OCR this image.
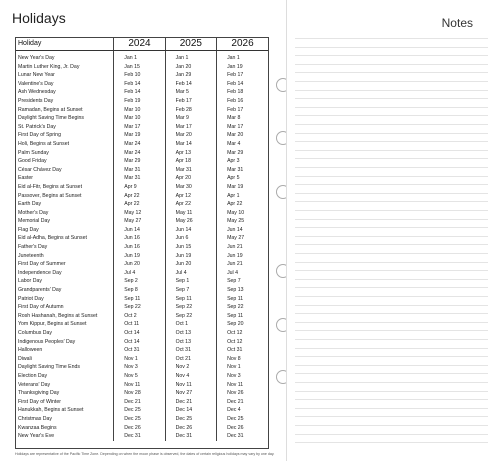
Holidays
Holiday	2024	2025	2026

New Year's Day	Jan 1	Jan 1	Jan 1
Martin Luther King, Jr. Day	Jan 15	Jan 20	Jan 19
Lunar New Year	Feb 10	Jan 29	Feb 17
Valentine's Day	Feb 14	Feb 14	Feb 14
Ash Wednesday	Feb 14	Mar 5	Feb 18
Presidents Day	Feb 19	Feb 17	Feb 16
Ramadan, Begins at Sunset	Mar 10	Feb 28	Feb 17
Daylight Saving Time Begins	Mar 10	Mar 9	Mar 8
St. Patrick's Day	Mar 17	Mar 17	Mar 17
First Day of Spring	Mar 19	Mar 20	Mar 20
Holi, Begins at Sunset	Mar 24	Mar 14	Mar 4
Palm Sunday	Mar 24	Apr 13	Mar 29
Good Friday	Mar 29	Apr 18	Apr 3
César Chávez Day	Mar 31	Mar 31	Mar 31
Easter	Mar 31	Apr 20	Apr 5
Eid al-Fitr, Begins at Sunset	Apr 9	Mar 30	Mar 19
Passover, Begins at Sunset	Apr 22	Apr 12	Apr 1
Earth Day	Apr 22	Apr 22	Apr 22
Mother's Day	May 12	May 11	May 10
Memorial Day	May 27	May 26	May 25
Flag Day	Jun 14	Jun 14	Jun 14
Eid al-Adha, Begins at Sunset	Jun 16	Jun 6	May 27
Father's Day	Jun 16	Jun 15	Jun 21
Juneteenth	Jun 19	Jun 19	Jun 19
First Day of Summer	Jun 20	Jun 20	Jun 21
Independence Day	Jul 4	Jul 4	Jul 4
Labor Day	Sep 2	Sep 1	Sep 7
Grandparents' Day	Sep 8	Sep 7	Sep 13
Patriot Day	Sep 11	Sep 11	Sep 11
First Day of Autumn	Sep 22	Sep 22	Sep 22
Rosh Hashanah, Begins at Sunset	Oct 2	Sep 22	Sep 11
Yom Kippur, Begins at Sunset	Oct 11	Oct 1	Sep 20
Columbus Day	Oct 14	Oct 13	Oct 12
Indigenous Peoples' Day	Oct 14	Oct 13	Oct 12
Halloween	Oct 31	Oct 31	Oct 31
Diwali	Nov 1	Oct 21	Nov 8
Daylight Saving Time Ends	Nov 3	Nov 2	Nov 1
Election Day	Nov 5	Nov 4	Nov 3
Veterans' Day	Nov 11	Nov 11	Nov 11
Thanksgiving Day	Nov 28	Nov 27	Nov 26
First Day of Winter	Dec 21	Dec 21	Dec 21
Hanukkah, Begins at Sunset	Dec 25	Dec 14	Dec 4
Christmas Day	Dec 25	Dec 25	Dec 25
Kwanzaa Begins	Dec 26	Dec 26	Dec 26
New Year's Eve	Dec 31	Dec 31	Dec 31
Holidays are representative of the Pacific Time Zone. Depending on when the moon phase is observed, the dates of certain religious holidays may vary by one day.
Notes
